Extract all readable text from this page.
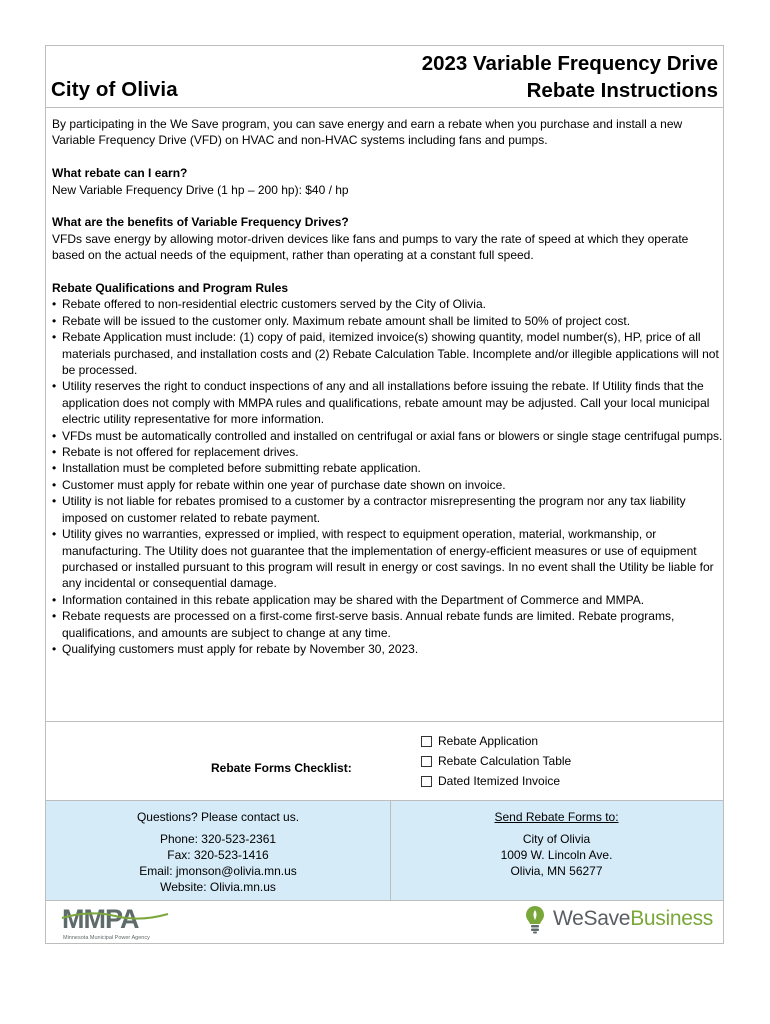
City of Olivia
2023 Variable Frequency Drive
Rebate Instructions

By participating in the We Save program, you can save energy and earn a rebate when you purchase and install a new Variable Frequency Drive (VFD) on HVAC and non-HVAC systems including fans and pumps.

What rebate can I earn?

New Variable Frequency Drive (1 hp – 200 hp): $40 / hp

What are the benefits of Variable Frequency Drives?

VFDs save energy by allowing motor-driven devices like fans and pumps to vary the rate of speed at which they operate based on the actual needs of the equipment, rather than operating at a constant full speed.

Rebate Qualifications and Program Rules

• Rebate offered to non-residential electric customers served by the City of Olivia.
• Rebate will be issued to the customer only. Maximum rebate amount shall be limited to 50% of project cost.
• Rebate Application must include: (1) copy of paid, itemized invoice(s) showing quantity, model number(s), HP, price of all materials purchased, and installation costs and (2) Rebate Calculation Table. Incomplete and/or illegible applications will not be processed.
• Utility reserves the right to conduct inspections of any and all installations before issuing the rebate. If Utility finds that the application does not comply with MMPA rules and qualifications, rebate amount may be adjusted. Call your local municipal electric utility representative for more information.
• VFDs must be automatically controlled and installed on centrifugal or axial fans or blowers or single stage centrifugal pumps.
• Rebate is not offered for replacement drives.
• Installation must be completed before submitting rebate application.
• Customer must apply for rebate within one year of purchase date shown on invoice.
• Utility is not liable for rebates promised to a customer by a contractor misrepresenting the program nor any tax liability imposed on customer related to rebate payment.
• Utility gives no warranties, expressed or implied, with respect to equipment operation, material, workmanship, or manufacturing. The Utility does not guarantee that the implementation of energy-efficient measures or use of equipment purchased or installed pursuant to this program will result in energy or cost savings. In no event shall the Utility be liable for any incidental or consequential damage.
• Information contained in this rebate application may be shared with the Department of Commerce and MMPA.
• Rebate requests are processed on a first-come first-serve basis. Annual rebate funds are limited. Rebate programs, qualifications, and amounts are subject to change at any time.
• Qualifying customers must apply for rebate by November 30, 2023.
Rebate Forms Checklist:
Rebate Application
Rebate Calculation Table
Dated Itemized Invoice
Questions? Please contact us.
Phone: 320-523-2361
Fax: 320-523-1416
Email: jmonson@olivia.mn.us
Website: Olivia.mn.us
Send Rebate Forms to:
City of Olivia
1009 W. Lincoln Ave.
Olivia, MN 56277
MMPA
Minnesota Municipal Power Agency
WeSaveBusiness
